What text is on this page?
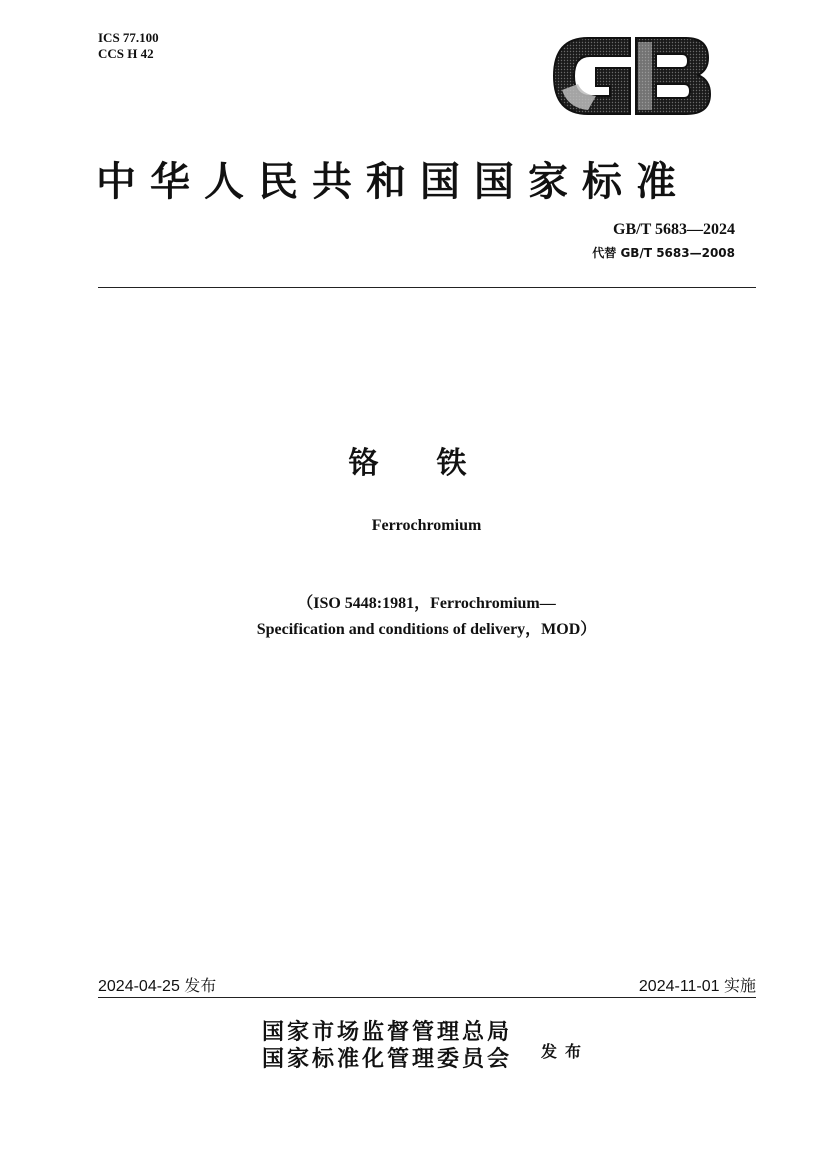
ICS 77.100
CCS H 42
中华人民共和国国家标准
GB/T 5683—2024
代替 GB/T 5683—2008
铬铁
Ferrochromium
（ISO 5448:1981，Ferrochromium—
Specification and conditions of delivery，MOD）
2024-04-25 发布	2024-11-01 实施
国家市场监督管理总局
国家标准化管理委员会 发布
